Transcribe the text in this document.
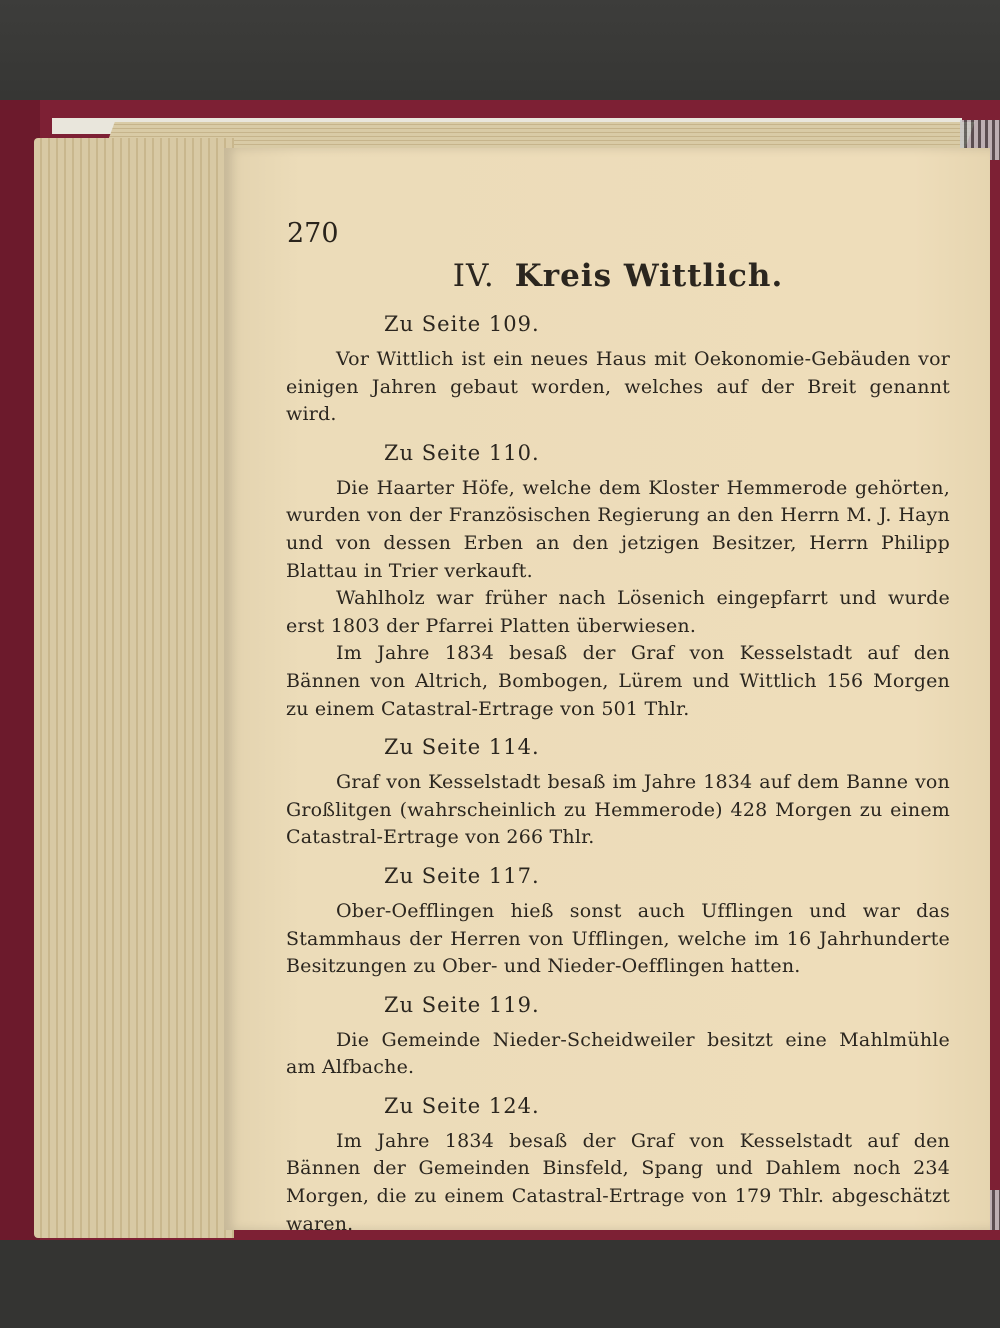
270
IV. Kreis Wittlich.
Zu Seite 109.

Vor Wittlich ist ein neues Haus mit Oekonomie-Gebäuden vor einigen Jahren gebaut worden, welches auf der Breit genannt wird.

Zu Seite 110.

Die Haarter Höfe, welche dem Kloster Hemmerode gehörten, wurden von der Französischen Regierung an den Herrn M. J. Hayn und von dessen Erben an den jetzigen Besitzer, Herrn Philipp Blattau in Trier verkauft.

Wahlholz war früher nach Lösenich eingepfarrt und wurde erst 1803 der Pfarrei Platten überwiesen.

Im Jahre 1834 besaß der Graf von Kesselstadt auf den Bännen von Altrich, Bombogen, Lürem und Wittlich 156 Morgen zu einem Catastral-Ertrage von 501 Thlr.

Zu Seite 114.

Graf von Kesselstadt besaß im Jahre 1834 auf dem Banne von Großlitgen (wahrscheinlich zu Hemmerode) 428 Morgen zu einem Catastral-Ertrage von 266 Thlr.

Zu Seite 117.

Ober-Oefflingen hieß sonst auch Ufflingen und war das Stammhaus der Herren von Ufflingen, welche im 16 Jahrhunderte Besitzungen zu Ober- und Nieder-Oefflingen hatten.

Zu Seite 119.

Die Gemeinde Nieder-Scheidweiler besitzt eine Mahlmühle am Alfbache.

Zu Seite 124.

Im Jahre 1834 besaß der Graf von Kesselstadt auf den Bännen der Gemeinden Binsfeld, Spang und Dahlem noch 234 Morgen, die zu einem Catastral-Ertrage von 179 Thlr. abgeschätzt waren.
